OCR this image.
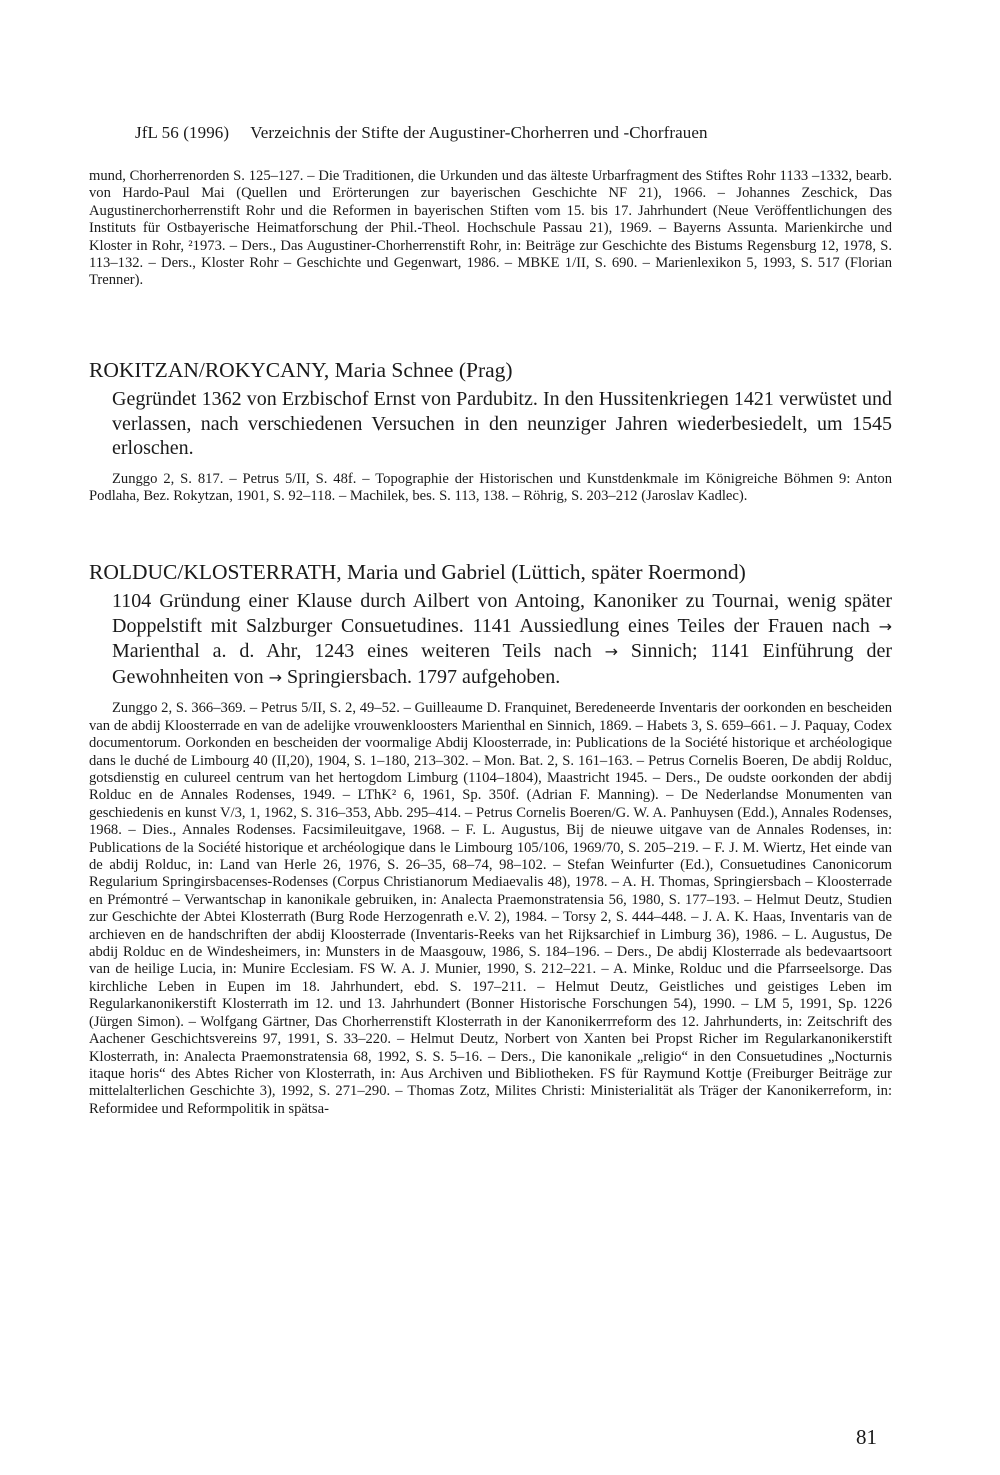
JfL 56 (1996)  Verzeichnis der Stifte der Augustiner-Chorherren und -Chorfrauen

mund, Chorherrenorden S. 125–127. – Die Traditionen, die Urkunden und das älteste Urbarfragment des Stiftes Rohr 1133 –1332, bearb. von Hardo-Paul Mai (Quellen und Erörterungen zur bayerischen Geschichte NF 21), 1966. – Johannes Zeschick, Das Augustinerchorherrenstift Rohr und die Reformen in bayerischen Stiften vom 15. bis 17. Jahrhundert (Neue Veröffentlichungen des Instituts für Ostbayerische Heimatforschung der Phil.-Theol. Hochschule Passau 21), 1969. – Bayerns Assunta. Marienkirche und Kloster in Rohr, ²1973. – Ders., Das Augustiner-Chorherrenstift Rohr, in: Beiträge zur Geschichte des Bistums Regensburg 12, 1978, S. 113–132. – Ders., Kloster Rohr – Geschichte und Gegenwart, 1986. – MBKE 1/II, S. 690. – Marienlexikon 5, 1993, S. 517 (Florian Trenner).

ROKITZAN/ROKYCANY, Maria Schnee (Prag)

Gegründet 1362 von Erzbischof Ernst von Pardubitz. In den Hussitenkriegen 1421 verwüstet und verlassen, nach verschiedenen Versuchen in den neunziger Jahren wiederbesiedelt, um 1545 erloschen.

Zunggo 2, S. 817. – Petrus 5/II, S. 48f. – Topographie der Historischen und Kunstdenkmale im Königreiche Böhmen 9: Anton Podlaha, Bez. Rokytzan, 1901, S. 92–118. – Machilek, bes. S. 113, 138. – Röhrig, S. 203–212 (Jaroslav Kadlec).

ROLDUC/KLOSTERRATH, Maria und Gabriel (Lüttich, später Roermond)

1104 Gründung einer Klause durch Ailbert von Antoing, Kanoniker zu Tournai, wenig später Doppelstift mit Salzburger Consuetudines. 1141 Aussiedlung eines Teiles der Frauen nach → Marienthal a. d. Ahr, 1243 eines weiteren Teils nach → Sinnich; 1141 Einführung der Gewohnheiten von → Springiersbach. 1797 aufgehoben.

Zunggo 2, S. 366–369. – Petrus 5/II, S. 2, 49–52. – Guilleaume D. Franquinet, Beredeneerde Inventaris der oorkonden en bescheiden van de abdij Kloosterrade en van de adelijke vrouwenkloosters Marienthal en Sinnich, 1869. – Habets 3, S. 659–661. – J. Paquay, Codex documentorum. Oorkonden en bescheiden der voormalige Abdij Kloosterrade, in: Publications de la Société historique et archéologique dans le duché de Limbourg 40 (II,20), 1904, S. 1–180, 213–302. – Mon. Bat. 2, S. 161–163. – Petrus Cornelis Boeren, De abdij Rolduc, gotsdienstig en culureel centrum van het hertogdom Limburg (1104–1804), Maastricht 1945. – Ders., De oudste oorkonden der abdij Rolduc en de Annales Rodenses, 1949. – LThK² 6, 1961, Sp. 350f. (Adrian F. Manning). – De Nederlandse Monumenten van geschiedenis en kunst V/3, 1, 1962, S. 316–353, Abb. 295–414. – Petrus Cornelis Boeren/G. W. A. Panhuysen (Edd.), Annales Rodenses, 1968. – Dies., Annales Rodenses. Facsimileuitgave, 1968. – F. L. Augustus, Bij de nieuwe uitgave van de Annales Rodenses, in: Publications de la Société historique et archéologique dans le Limbourg 105/106, 1969/70, S. 205–219. – F. J. M. Wiertz, Het einde van de abdij Rolduc, in: Land van Herle 26, 1976, S. 26–35, 68–74, 98–102. – Stefan Weinfurter (Ed.), Consuetudines Canonicorum Regularium Springirsbacenses-Rodenses (Corpus Christianorum Mediaevalis 48), 1978. – A. H. Thomas, Springiersbach – Kloosterrade en Prémontré – Verwantschap in kanonikale gebruiken, in: Analecta Praemonstratensia 56, 1980, S. 177–193. – Helmut Deutz, Studien zur Geschichte der Abtei Klosterrath (Burg Rode Herzogenrath e.V. 2), 1984. – Torsy 2, S. 444–448. – J. A. K. Haas, Inventaris van de archieven en de handschriften der abdij Kloosterrade (Inventaris-Reeks van het Rijksarchief in Limburg 36), 1986. – L. Augustus, De abdij Rolduc en de Windesheimers, in: Munsters in de Maasgouw, 1986, S. 184–196. – Ders., De abdij Klosterrade als bedevaartsoort van de heilige Lucia, in: Munire Ecclesiam. FS W. A. J. Munier, 1990, S. 212–221. – A. Minke, Rolduc und die Pfarrseelsorge. Das kirchliche Leben in Eupen im 18. Jahrhundert, ebd. S. 197–211. – Helmut Deutz, Geistliches und geistiges Leben im Regularkanonikerstift Klosterrath im 12. und 13. Jahrhundert (Bonner Historische Forschungen 54), 1990. – LM 5, 1991, Sp. 1226 (Jürgen Simon). – Wolfgang Gärtner, Das Chorherrenstift Klosterrath in der Kanonikerrreform des 12. Jahrhunderts, in: Zeitschrift des Aachener Geschichtsvereins 97, 1991, S. 33–220. – Helmut Deutz, Norbert von Xanten bei Propst Richer im Regularkanonikerstift Klosterrath, in: Analecta Praemonstratensia 68, 1992, S. S. 5–16. – Ders., Die kanonikale „religio“ in den Consuetudines „Nocturnis itaque horis“ des Abtes Richer von Klosterrath, in: Aus Archiven und Bibliotheken. FS für Raymund Kottje (Freiburger Beiträge zur mittelalterlichen Geschichte 3), 1992, S. 271–290. – Thomas Zotz, Milites Christi: Ministerialität als Träger der Kanonikerreform, in: Reformidee und Reformpolitik in spätsa-

81
